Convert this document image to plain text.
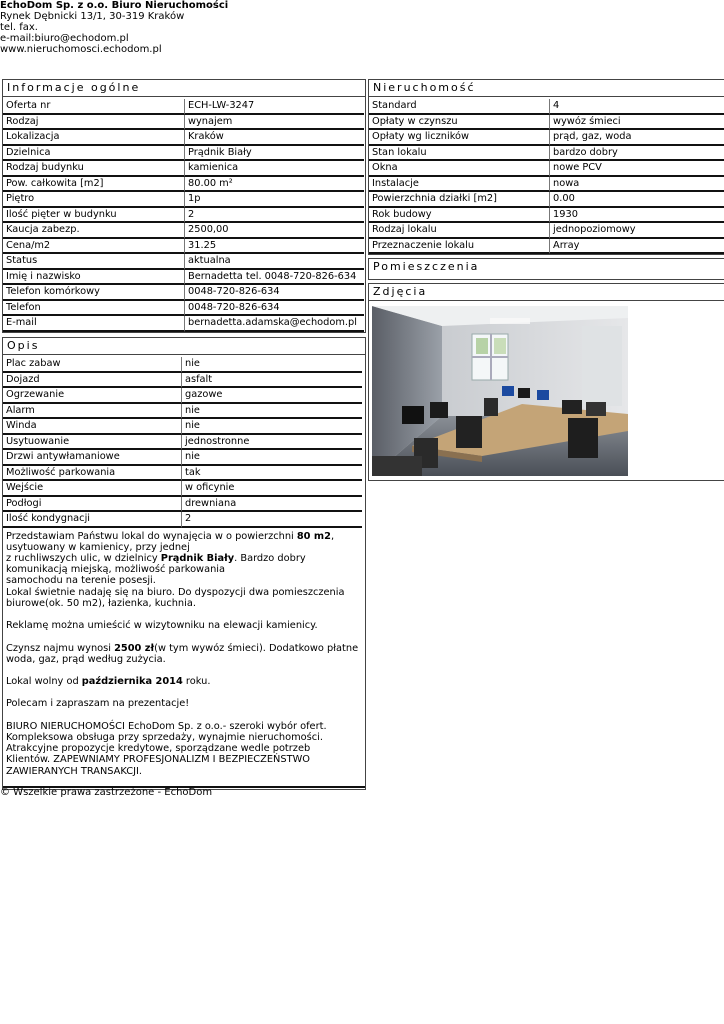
EchoDom Sp. z o.o. Biuro Nieruchomości
Rynek Dębnicki 13/1, 30-319 Kraków
tel. fax.
e-mail:biuro@echodom.pl
www.nieruchomosci.echodom.pl
Informacje ogólne
Oferta nr	ECH-LW-3247
Rodzaj	wynajem
Lokalizacja	Kraków
Dzielnica	Prądnik Biały
Rodzaj budynku	kamienica
Pow. całkowita [m2]	80.00 m²
Piętro	1p
Ilość pięter w budynku	2
Kaucja zabezp.	2500,00
Cena/m2	31.25
Status	aktualna
Imię i nazwisko	Bernadetta tel. 0048-720-826-634
Telefon komórkowy	0048-720-826-634
Telefon	0048-720-826-634
E-mail	bernadetta.adamska@echodom.pl
Opis
Plac zabaw	nie
Dojazd	asfalt
Ogrzewanie	gazowe
Alarm	nie
Winda	nie
Usytuowanie	jednostronne
Drzwi antywłamaniowe	nie
Możliwość parkowania	tak
Wejście	w oficynie
Podłogi	drewniana
Ilość kondygnacji	2

Przedstawiam Państwu lokal do wynajęcia w o powierzchni 80 m2,
usytuowany w kamienicy, przy jednej
z ruchliwszych ulic, w dzielnicy Prądnik Biały. Bardzo dobry
komunikacją miejską, możliwość parkowania
samochodu na terenie posesji.
Lokal świetnie nadaję się na biuro. Do dyspozycji dwa pomieszczenia
biurowe(ok. 50 m2), łazienka, kuchnia.

Reklamę można umieścić w wizytowniku na elewacji kamienicy.

Czynsz najmu wynosi 2500 zł(w tym wywóz śmieci). Dodatkowo płatne
woda, gaz, prąd według zużycia.

Lokal wolny od października 2014 roku.

Polecam i zapraszam na prezentacje!

BIURO NIERUCHOMOŚCI EchoDom Sp. z o.o.- szeroki wybór ofert.
Kompleksowa obsługa przy sprzedaży, wynajmie nieruchomości.
Atrakcyjne propozycje kredytowe, sporządzane wedle potrzeb
Klientów. ZAPEWNIAMY PROFESJONALIZM I BEZPIECZEŃSTWO
ZAWIERANYCH TRANSAKCJI.

Nieruchomość
Standard	4
Opłaty w czynszu	wywóz śmieci
Opłaty wg liczników	prąd, gaz, woda
Stan lokalu	bardzo dobry
Okna	nowe PCV
Instalacje	nowa
Powierzchnia działki [m2]	0.00
Rok budowy	1930
Rodzaj lokalu	jednopoziomowy
Przeznaczenie lokalu	Array
Pomieszczenia
Zdjęcia
© Wszelkie prawa zastrzeżone - EchoDom
